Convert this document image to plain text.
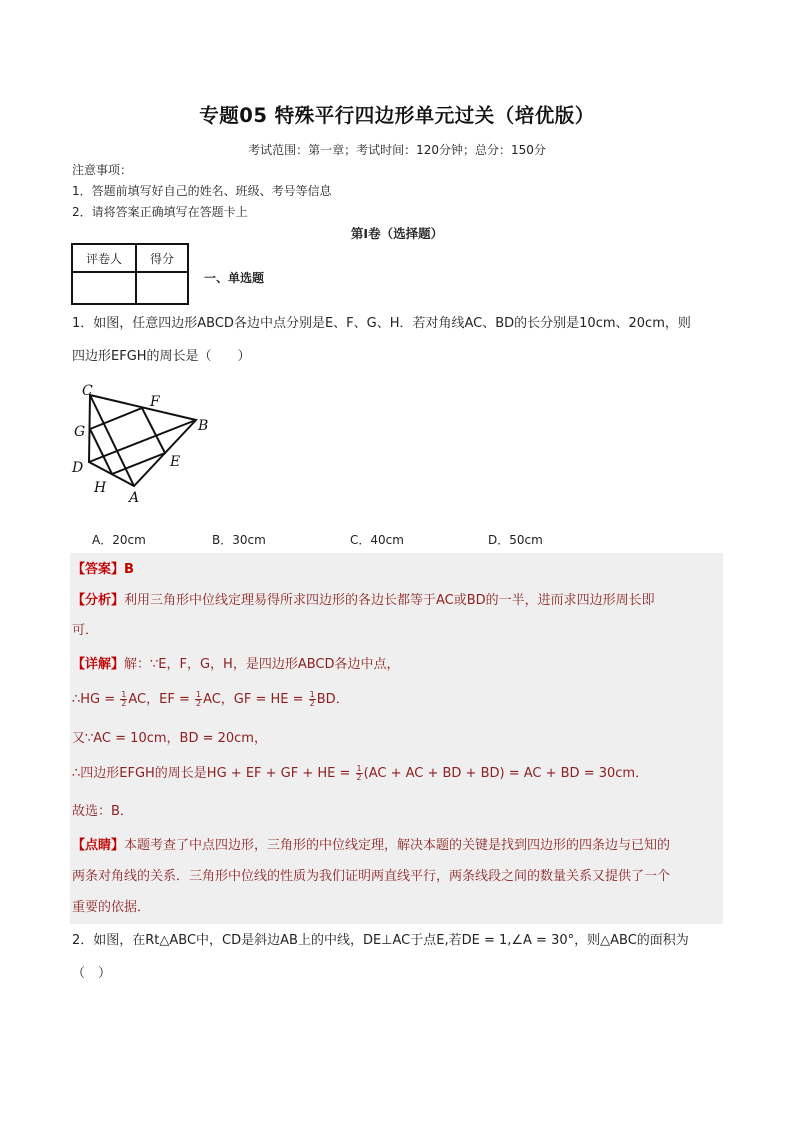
专题05 特殊平行四边形单元过关（培优版）
考试范围：第一章；考试时间：120分钟；总分：150分
注意事项：
1．答题前填写好自己的姓名、班级、考号等信息
2．请将答案正确填写在答题卡上
第I卷（选择题）
评卷人	得分

一、单选题
1．如图，任意四边形ABCD各边中点分别是E、F、G、H．若对角线AC、BD的长分别是10cm、20cm，则
四边形EFGH的周长是（　　）
C
F
B
G
E
D
H
A
A．20cm	B．30cm	C．40cm	D．50cm
【答案】B
【分析】利用三角形中位线定理易得所求四边形的各边长都等于AC或BD的一半，进而求四边形周长即
可．
【详解】解：∵E，F，G，H，是四边形ABCD各边中点，
∴HG = $\frac{1}{2}$ AC，EF = $\frac{1}{2}$ AC，GF = HE = $\frac{1}{2}$ BD．
又∵AC = 10cm，BD = 20cm，
∴四边形EFGH的周长是HG + EF + GF + HE = $\frac{1}{2} (AC$ + AC + BD + BD) = AC + BD = 30cm．
故选：B．
【点睛】本题考查了中点四边形，三角形的中位线定理，解决本题的关键是找到四边形的四条边与已知的
两条对角线的关系．三角形中位线的性质为我们证明两直线平行，两条线段之间的数量关系又提供了一个
重要的依据．
2．如图，在Rt△ABC中，CD是斜边AB上的中线，DE⊥AC于点E,若DE = 1,∠A = 30°，则△ABC的面积为
（　）
